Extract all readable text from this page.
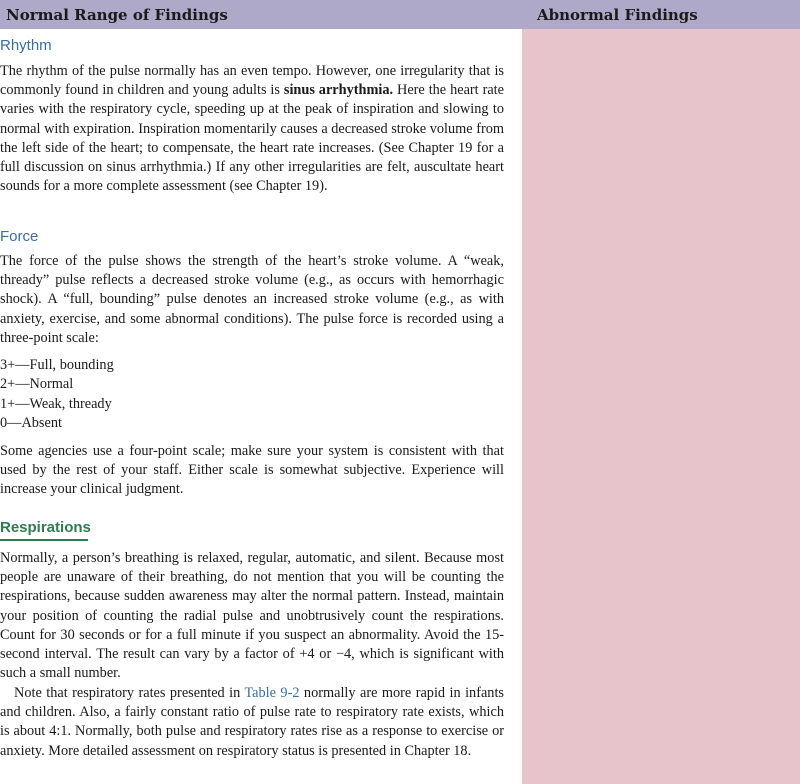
Normal Range of Findings	Abnormal Findings
Rhythm
The rhythm of the pulse normally has an even tempo. However, one irregularity that is commonly found in children and young adults is sinus arrhythmia. Here the heart rate varies with the respiratory cycle, speeding up at the peak of inspiration and slowing to normal with expiration. Inspiration momentarily causes a decreased stroke volume from the left side of the heart; to compensate, the heart rate increases. (See Chapter 19 for a full discussion on sinus arrhythmia.) If any other irregularities are felt, auscultate heart sounds for a more complete assessment (see Chapter 19).
Force
The force of the pulse shows the strength of the heart’s stroke volume. A “weak, thready” pulse reflects a decreased stroke volume (e.g., as occurs with hemorrhagic shock). A “full, bounding” pulse denotes an increased stroke volume (e.g., as with anxiety, exercise, and some abnormal conditions). The pulse force is recorded using a three-point scale:
3+—Full, bounding
2+—Normal
1+—Weak, thready
0—Absent
Some agencies use a four-point scale; make sure your system is consistent with that used by the rest of your staff. Either scale is somewhat subjective. Experience will increase your clinical judgment.
Respirations
Normally, a person’s breathing is relaxed, regular, automatic, and silent. Because most people are unaware of their breathing, do not mention that you will be counting the respirations, because sudden awareness may alter the normal pattern. Instead, maintain your position of counting the radial pulse and unobtrusively count the respirations. Count for 30 seconds or for a full minute if you suspect an abnormality. Avoid the 15-second interval. The result can vary by a factor of +4 or −4, which is significant with such a small number.
Note that respiratory rates presented in Table 9-2 normally are more rapid in infants and children. Also, a fairly constant ratio of pulse rate to respiratory rate exists, which is about 4:1. Normally, both pulse and respiratory rates rise as a response to exercise or anxiety. More detailed assessment on respiratory status is presented in Chapter 18.
